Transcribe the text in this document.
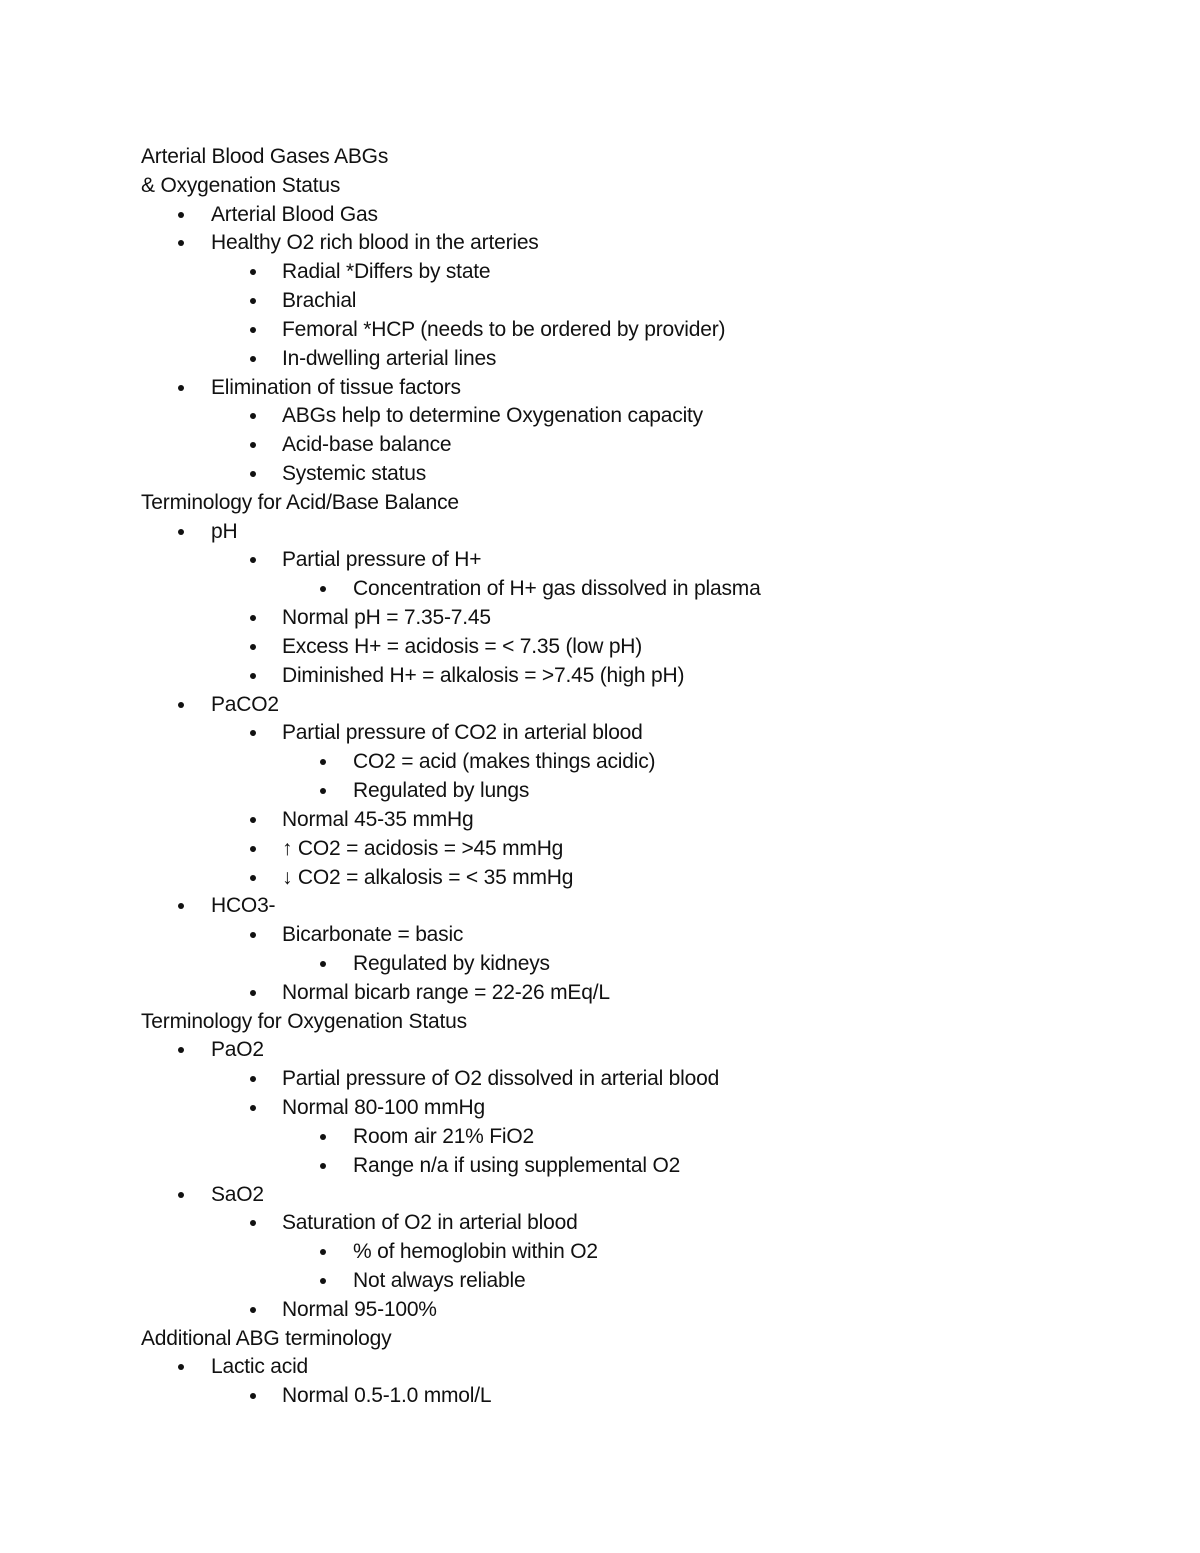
Arterial Blood Gases ABGs
& Oxygenation Status
Arterial Blood Gas
Healthy O2 rich blood in the arteries
Radial *Differs by state
Brachial
Femoral *HCP (needs to be ordered by provider)
In-dwelling arterial lines
Elimination of tissue factors
ABGs help to determine Oxygenation capacity
Acid-base balance
Systemic status
Terminology for Acid/Base Balance
pH
Partial pressure of H+
Concentration of H+ gas dissolved in plasma
Normal pH = 7.35-7.45
Excess H+ = acidosis = < 7.35 (low pH)
Diminished H+ = alkalosis = >7.45 (high pH)
PaCO2
Partial pressure of CO2 in arterial blood
CO2 = acid (makes things acidic)
Regulated by lungs
Normal 45-35 mmHg
↑ CO2 = acidosis = >45 mmHg
↓ CO2 = alkalosis = < 35 mmHg
HCO3-
Bicarbonate = basic
Regulated by kidneys
Normal bicarb range = 22-26 mEq/L
Terminology for Oxygenation Status
PaO2
Partial pressure of O2 dissolved in arterial blood
Normal 80-100 mmHg
Room air 21% FiO2
Range n/a if using supplemental O2
SaO2
Saturation of O2 in arterial blood
% of hemoglobin within O2
Not always reliable
Normal 95-100%
Additional ABG terminology
Lactic acid
Normal 0.5-1.0 mmol/L
